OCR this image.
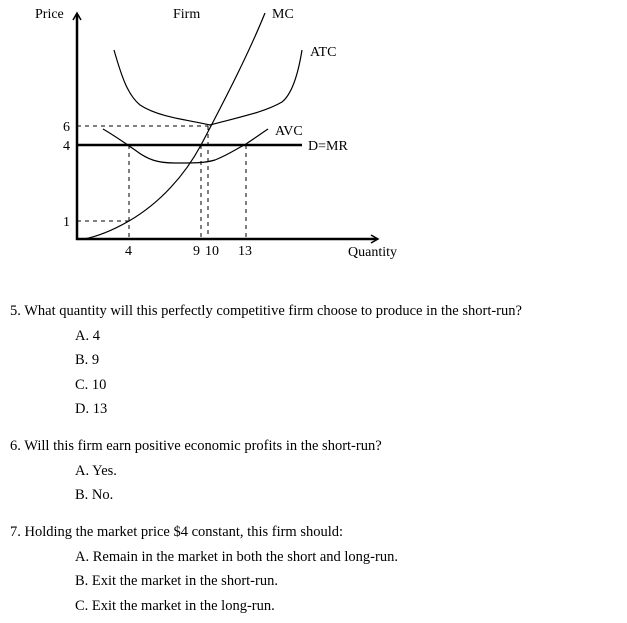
Price	Firm	MC
ATC
AVC
D=MR
6
4
1
4	9 10 13	Quantity
5. What quantity will this perfectly competitive firm choose to produce in the short-run?
A. 4
B. 9
C. 10
D. 13
6. Will this firm earn positive economic profits in the short-run?
A. Yes.
B. No.
7. Holding the market price $4 constant, this firm should:
A. Remain in the market in both the short and long-run.
B. Exit the market in the short-run.
C. Exit the market in the long-run.
